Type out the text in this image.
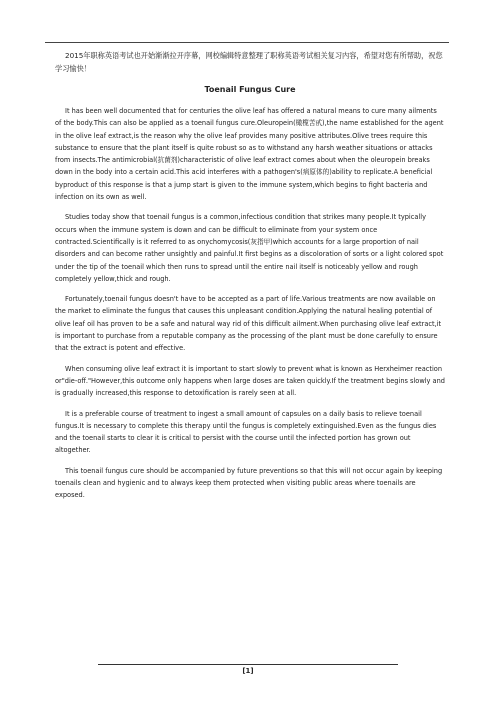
2015年职称英语考试也开始渐渐拉开序幕，网校编辑特意整理了职称英语考试相关复习内容，希望对您有所帮助，祝您学习愉快！

Toenail Fungus Cure

It has been well documented that for centuries the olive leaf has offered a natural means to cure many ailments of the body.This can also be applied as a toenail fungus cure.Oleuropein(橄榄苦甙),the name established for the agent in the olive leaf extract,is the reason why the olive leaf provides many positive attributes.Olive trees require this substance to ensure that the plant itself is quite robust so as to withstand any harsh weather situations or attacks from insects.The antimicrobial(抗菌剂)characteristic of olive leaf extract comes about when the oleuropein breaks down in the body into a certain acid.This acid interferes with a pathogen's(病原体的)ability to replicate.A beneficial byproduct of this response is that a jump start is given to the immune system,which begins to fight bacteria and infection on its own as well.

Studies today show that toenail fungus is a common,infectious condition that strikes many people.It typically occurs when the immune system is down and can be difficult to eliminate from your system once contracted.Scientifically is it referred to as onychomycosis(灰指甲)which accounts for a large proportion of nail disorders and can become rather unsightly and painful.It first begins as a discoloration of sorts or a light colored spot under the tip of the toenail which then runs to spread until the entire nail itself is noticeably yellow and rough completely yellow,thick and rough.

Fortunately,toenail fungus doesn't have to be accepted as a part of life.Various treatments are now available on the market to eliminate the fungus that causes this unpleasant condition.Applying the natural healing potential of olive leaf oil has proven to be a safe and natural way rid of this difficult ailment.When purchasing olive leaf extract,it is important to purchase from a reputable company as the processing of the plant must be done carefully to ensure that the extract is potent and effective.

When consuming olive leaf extract it is important to start slowly to prevent what is known as Herxheimer reaction or"die-off."However,this outcome only happens when large doses are taken quickly.If the treatment begins slowly and is gradually increased,this response to detoxification is rarely seen at all.

It is a preferable course of treatment to ingest a small amount of capsules on a daily basis to relieve toenail fungus.It is necessary to complete this therapy until the fungus is completely extinguished.Even as the fungus dies and the toenail starts to clear it is critical to persist with the course until the infected portion has grown out altogether.

This toenail fungus cure should be accompanied by future preventions so that this will not occur again by keeping toenails clean and hygienic and to always keep them protected when visiting public areas where toenails are exposed.

[1]
